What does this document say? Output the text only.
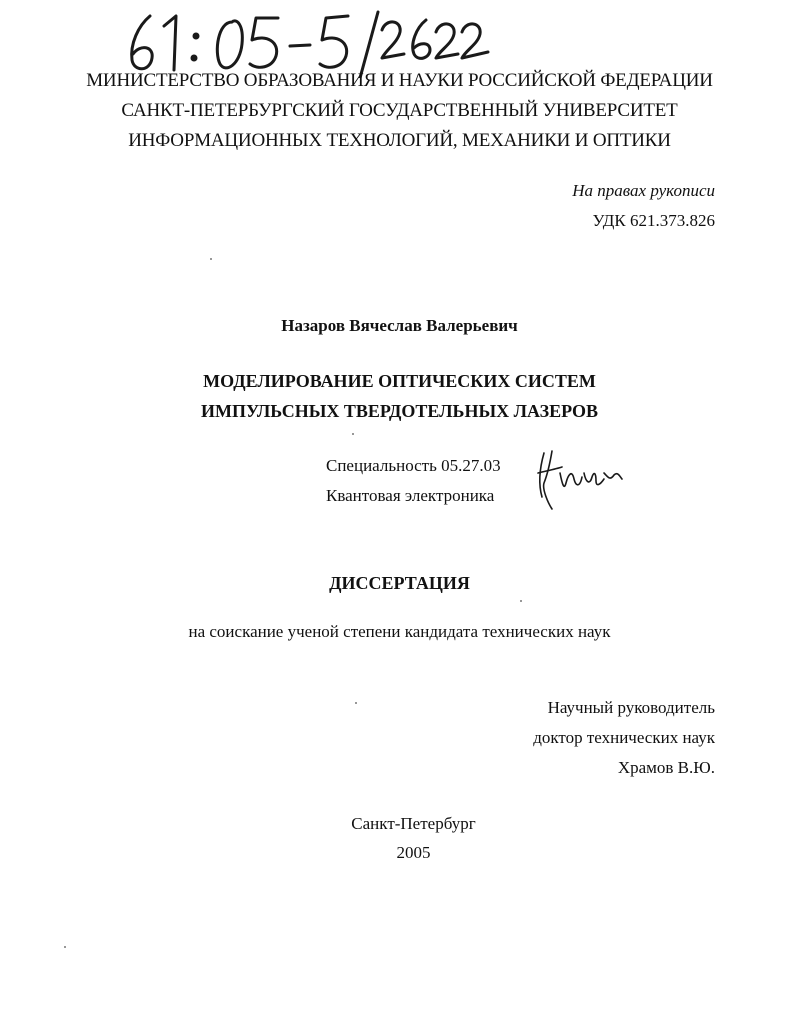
МИНИСТЕРСТВО ОБРАЗОВАНИЯ И НАУКИ РОССИЙСКОЙ ФЕДЕРАЦИИ
САНКТ-ПЕТЕРБУРГСКИЙ ГОСУДАРСТВЕННЫЙ УНИВЕРСИТЕТ
ИНФОРМАЦИОННЫХ ТЕХНОЛОГИЙ, МЕХАНИКИ И ОПТИКИ
На правах рукописи
УДК 621.373.826
Назаров Вячеслав Валерьевич
МОДЕЛИРОВАНИЕ ОПТИЧЕСКИХ СИСТЕМ
ИМПУЛЬСНЫХ ТВЕРДОТЕЛЬНЫХ ЛАЗЕРОВ
Специальность 05.27.03
Квантовая электроника
ДИССЕРТАЦИЯ
на соискание ученой степени кандидата технических наук
Научный руководитель
доктор технических наук
Храмов В.Ю.
Санкт-Петербург
2005
